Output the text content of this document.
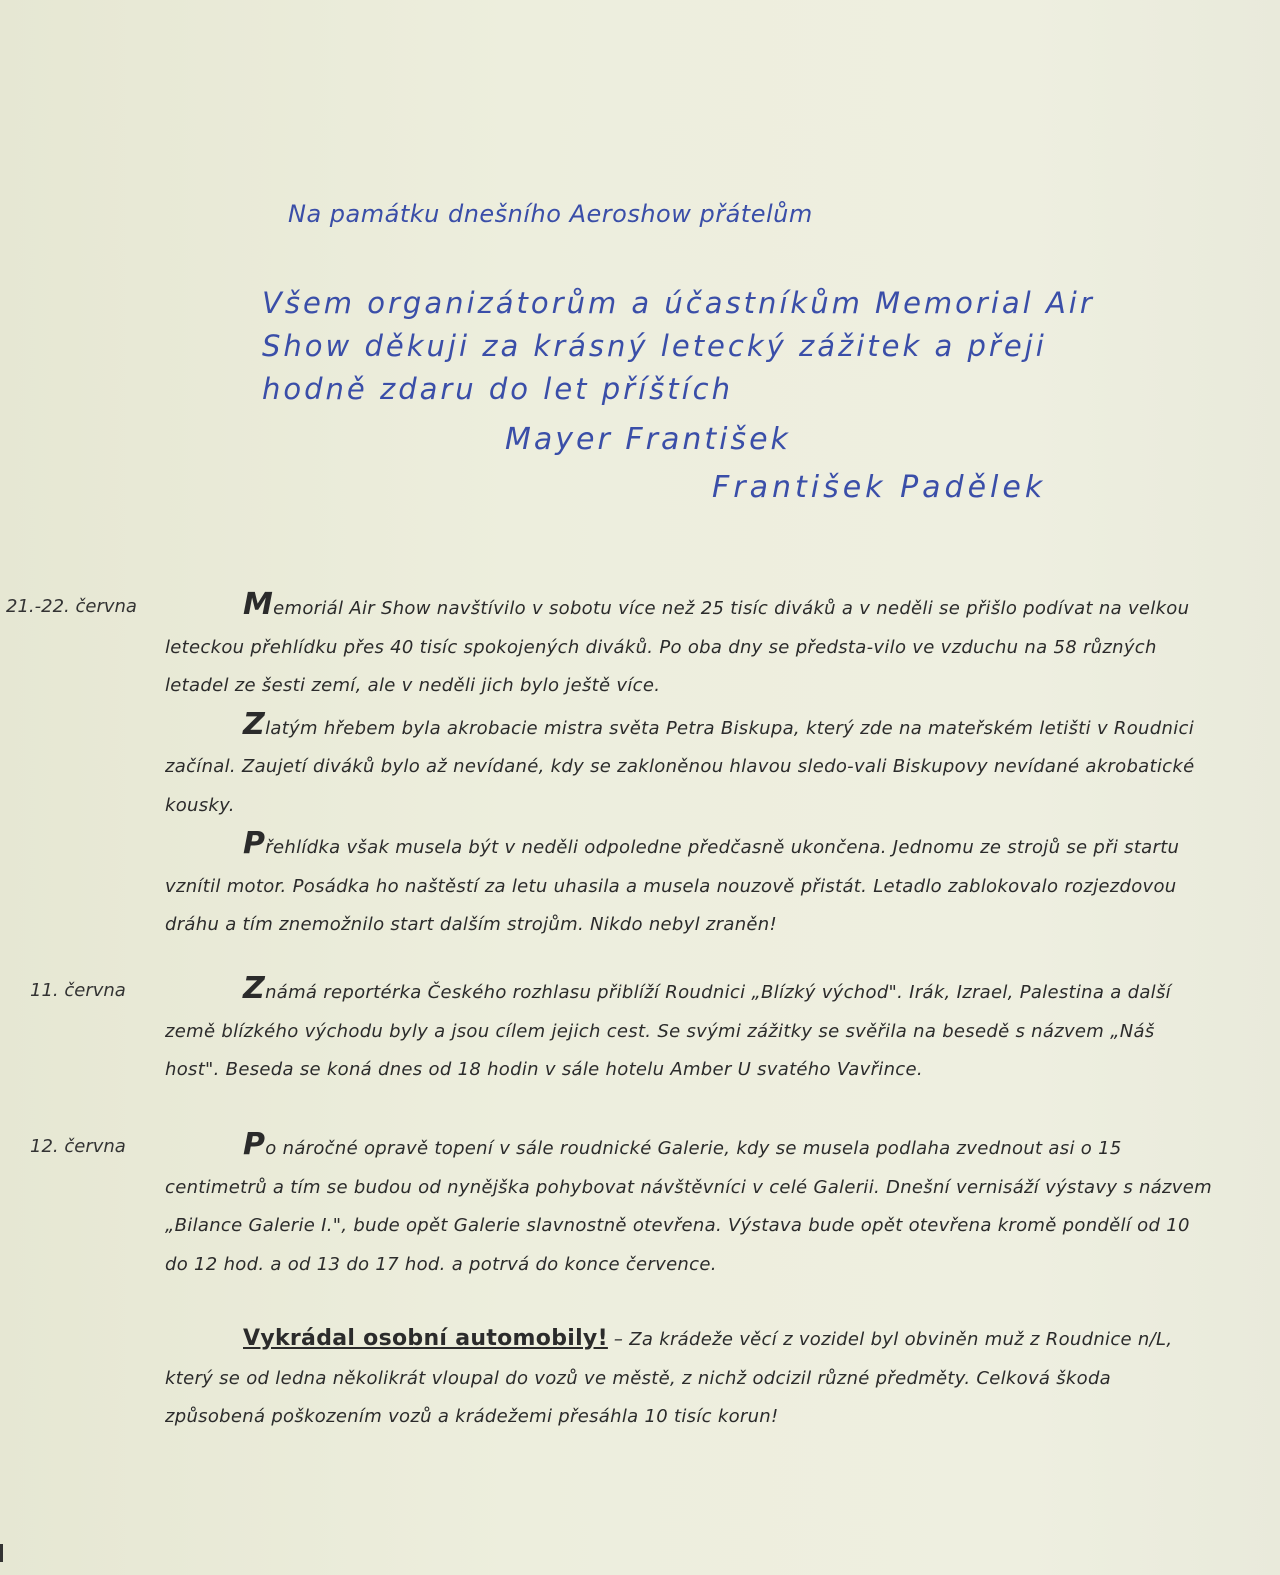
Na památku dnešního Aeroshow přátelům
Všem organizátorům a účastníkům Memorial Air Show děkuji za krásný letecký zážitek a přeji hodně zdaru do let příštích
Mayer František
František Padělek
21.-22. června	Memoriál Air Show navštívilo v sobotu více než 25 tisíc diváků a v neděli se přišlo podívat na velkou leteckou přehlídku přes 40 tisíc spokojených diváků. Po oba dny se předsta-vilo ve vzduchu na 58 různých letadel ze šesti zemí, ale v neděli jich bylo ještě více.

Zlatým hřebem byla akrobacie mistra světa Petra Biskupa, který zde na mateřském letišti v Roudnici začínal. Zaujetí diváků bylo až nevídané, kdy se zakloněnou hlavou sledo-vali Biskupovy nevídané akrobatické kousky.

Přehlídka však musela být v neděli odpoledne předčasně ukončena. Jednomu ze strojů se při startu vznítil motor. Posádka ho naštěstí za letu uhasila a musela nouzově přistát. Letadlo zablokovalo rozjezdovou dráhu a tím znemožnilo start dalším strojům. Nikdo nebyl zraněn!

11. června	Známá reportérka Českého rozhlasu přiblíží Roudnici „Blízký východ". Irák, Izrael, Palestina a další země blízkého východu byly a jsou cílem jejich cest. Se svými zážitky se svěřila na besedě s názvem „Náš host". Beseda se koná dnes od 18 hodin v sále hotelu Amber U svatého Vavřince.

12. června	Po náročné opravě topení v sále roudnické Galerie, kdy se musela podlaha zvednout asi o 15 centimetrů a tím se budou od nynějška pohybovat návštěvníci v celé Galerii. Dnešní vernisáží výstavy s názvem „Bilance Galerie I.", bude opět Galerie slavnostně otevřena. Výstava bude opět otevřena kromě pondělí od 10 do 12 hod. a od 13 do 17 hod. a potrvá do konce července.

Vykrádal osobní automobily! – Za krádeže věcí z vozidel byl obviněn muž z Roudnice n/L, který se od ledna několikrát vloupal do vozů ve městě, z nichž odcizil různé předměty. Celková škoda způsobená poškozením vozů a krádežemi přesáhla 10 tisíc korun!
